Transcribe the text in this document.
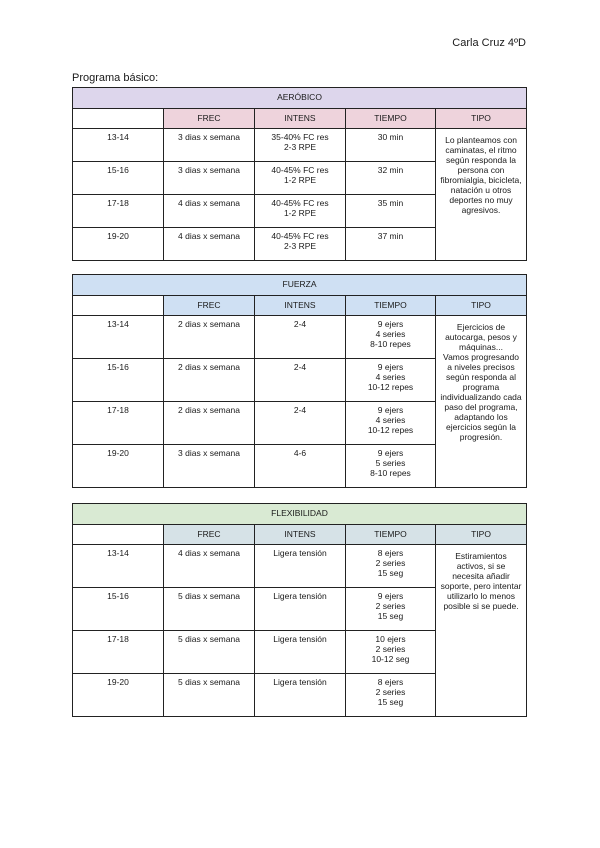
Carla Cruz 4ºD
Programa básico:
AERÓBICO				
	FREC	INTENS	TIEMPO	TIPO
13-14	3 dias x semana	35-40% FC res
2-3 RPE	30 min	Lo planteamos con caminatas, el ritmo según responda la persona con fibromialgia, bicicleta, natación u otros deportes no muy agresivos.
15-16	3 dias x semana	40-45% FC res
1-2 RPE	32 min	
17-18	4 dias x semana	40-45% FC res
1-2 RPE	35 min	
19-20	4 dias x semana	40-45% FC res
2-3 RPE	37 min	
FUERZA				
	FREC	INTENS	TIEMPO	TIPO
13-14	2 dias x semana	2-4	9 ejers
4 series
8-10 repes	Ejercicios de autocarga, pesos y máquinas...
Vamos progresando a niveles precisos según responda al programa individualizando cada paso del programa, adaptando los ejercicios según la progresión.
15-16	2 dias x semana	2-4	9 ejers
4 series
10-12 repes	
17-18	2 dias x semana	2-4	9 ejers
4 series
10-12 repes	
19-20	3 dias x semana	4-6	9 ejers
5 series
8-10 repes	
FLEXIBILIDAD				
	FREC	INTENS	TIEMPO	TIPO
13-14	4 dias x semana	Ligera tensión	8 ejers
2 series
15 seg	Estiramientos activos, si se necesita añadir soporte, pero intentar utilizarlo lo menos posible si se puede.
15-16	5 dias x semana	Ligera tensión	9 ejers
2 series
15 seg	
17-18	5 dias x semana	Ligera tensión	10 ejers
2 series
10-12 seg	
19-20	5 dias x semana	Ligera tensión	8 ejers
2 series
15 seg	
